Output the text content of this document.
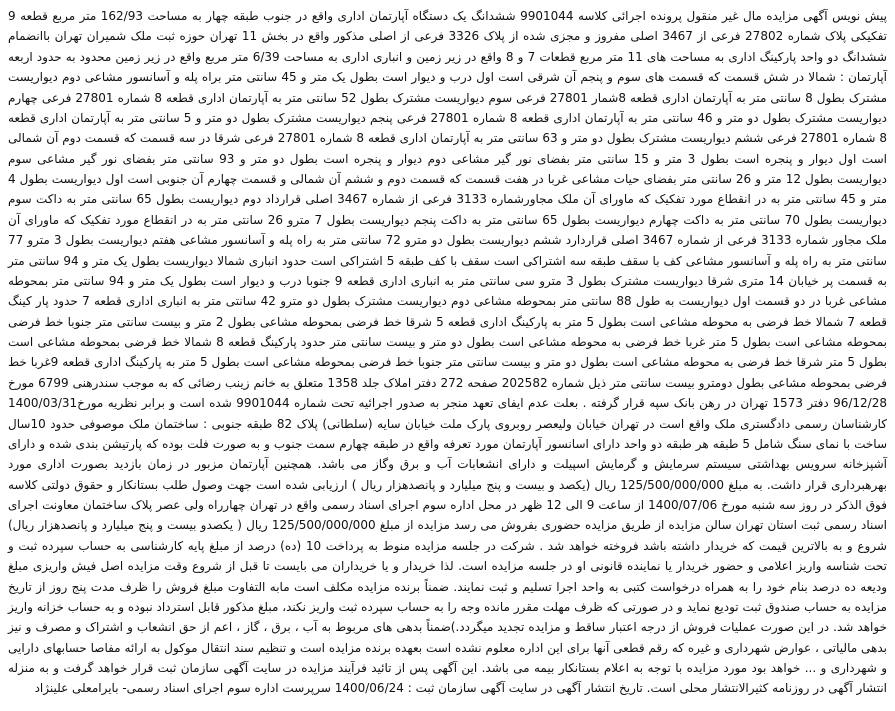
پیش نویس آگهی مزایده مال غیر منقول پرونده اجرائی کلاسه 9901044 ششدانگ یک دستگاه آپارتمان اداری واقع در جنوب طبقه چهار به مساحت 162/93 متر مربع قطعه 9 تفکیکی پلاک شماره 27802 فرعی از 3467 اصلی مفروز و مجزی شده از پلاک 3326 فرعی از اصلی مذکور واقع در بخش 11 تهران حوزه ثبت ملک شمیران تهران باانضمام ششدانگ دو واحد پارکینگ اداری به مساحت های 11 متر مربع قطعات 7 و 8 واقع در زیر زمین و انباری اداری به مساحت 6/39 متر مربع واقع در زیر زمین محدود به حدود اربعه آپارتمان : شمالا در شش قسمت که قسمت های سوم و پنجم آن شرقی است اول درب و دیوار است بطول یک متر و 45 سانتی متر براه پله و آسانسور مشاعی دوم دیواریست مشترک بطول 8 سانتی متر به آپارتمان اداری قطعه 8شمار 27801 فرعی سوم دیواریست مشترک بطول 52 سانتی متر به آپارتمان اداری قطعه 8 شماره 27801 فرعی چهارم دیواریست مشترک بطول دو متر و 46 سانتی متر به آپارتمان اداری قطعه 8 شماره 27801 فرعی پنجم دیواریست مشترک بطول دو متر و 5 سانتی متر به آپارتمان اداری قطعه 8 شماره 27801 فرعی ششم دیواریست مشترک بطول دو متر و 63 سانتی متر به آپارتمان اداری قطعه 8 شماره 27801 فرعی شرقا در سه قسمت که قسمت دوم آن شمالی است اول دیوار و پنجره است بطول 3 متر و 15 سانتی متر بفضای نور گیر مشاعی دوم دیوار و پنجره است بطول دو متر و 93 سانتی متر بفضای نور گیر مشاعی سوم دیواریست بطول 12 متر و 26 سانتی متر بفضای حیات مشاعی غربا در هفت قسمت که قسمت دوم و ششم آن شمالی و قسمت چهارم آن جنوبی است اول دیواریست بطول 4 متر و 45 سانتی متر به در انقطاع مورد تفکیک که ماورای آن ملک مجاورشماره 3133 فرعی از شماره 3467 اصلی قرارداد دوم دیواریست بطول 65 سانتی متر به داکت سوم دیواریست بطول 70 سانتی متر به داکت چهارم دیواریست بطول 65 سانتی متر به داکت پنجم دیواریست بطول 7 مترو 26 سانتی متر به در انقطاع مورد تفکیک که ماورای آن ملک مجاور شماره 3133 فرعی از شماره 3467 اصلی قراردارد ششم دیواریست بطول دو مترو 72 سانتی متر به راه پله و آسانسور مشاعی هفتم دیواریست بطول 3 مترو 77 سانتی متر به راه پله و آسانسور مشاعی کف با سقف طبقه سه اشتراکی است سقف با کف طبقه 5 اشتراکی است حدود انباری شمالا دیواریست بطول یک متر و 94 سانتی متر به قسمت پر خیابان 14 متری شرقا دیواریست مشترک بطول 3 مترو سی سانتی متر به انباری اداری قطعه 9 جنوبا درب و دیوار است بطول یک متر و 94 سانتی متر بمحوطه مشاعی غربا در دو قسمت اول دیواریست به طول 88 سانتی متر بمحوطه مشاعی دوم دیواریست مشترک بطول دو مترو 42 سانتی متر به انباری اداری قطعه 7 حدود پار کینگ قطعه 7 شمالا خط فرضی به محوطه مشاعی است بطول 5 متر به پارکینگ اداری قطعه 5 شرقا خط فرضی بمحوطه مشاعی بطول 2 متر و بیست سانتی متر جنوبا خط فرضی بمحوطه مشاعی است بطول 5 متر غربا خط فرضی به محوطه مشاعی است بطول دو متر و بیست سانتی متر حدود پارکینگ قطعه 8 شمالا خط فرضی بمحوطه مشاعی است بطول 5 متر شرقا خط فرضی به محوطه مشاعی است بطول دو متر و بیست سانتی متر جنوبا خط فرضی بمحوطه مشاعی است بطول 5 متر به پارکینگ اداری قطعه 9غربا خط فرضی بمحوطه مشاعی بطول دومترو بیست سانتی متر ذیل شماره 202582 صفحه 272 دفتر املاک جلد 1358 متعلق به خانم زینب رضائی که به موجب سندرهنی 6799 مورخ 96/12/28 دفتر 1573 تهران در رهن بانک سپه قرار گرفته . بعلت عدم ایفای تعهد منجر به صدور اجرائیه تحت شماره 9901044 شده است و برابر نظریه مورخ1400/03/31 کارشناسان رسمی دادگستری ملک واقع است در تهران خیابان ولیعصر روبروی پارک ملت خیابان سایه (سلطانی) پلاک 82 طبقه جنوبی : ساختمان ملک موصوفی حدود 10سال ساخت با نمای سنگ شامل 5 طبقه هر طبقه دو واحد دارای اسانسور آپارتمان مورد تعرفه واقع در طبقه چهارم سمت جنوب و به صورت فلت بوده که پارتیشن بندی شده و دارای آشپزخانه سرویس بهداشتی سیستم سرمایش و گرمایش اسپیلت و دارای انشعابات آب و برق وگاز می باشد. همچنین آپارتمان مزبور در زمان بازدید بصورت اداری مورد بهرهبرداری قرار داشت. به مبلغ 125/500/000/000 ریال (یکصد و بیست و پنج میلیارد و پانصدهزار ریال ) ارزیابی شده است جهت وصول طلب بستانکار و حقوق دولتی کلاسه فوق الذکر در روز سه شنبه مورخ 1400/07/06 از ساعت 9 الی 12 ظهر در محل اداره سوم اجرای اسناد رسمی واقع در تهران چهارراه ولی عصر پلاک ساختمان معاونت اجرای اسناد رسمی ثبت استان تهران سالن مزایده از طریق مزایده حضوری بفروش می رسد مزایده از مبلغ 125/500/000/000 ریال ( یکصدو بیست و پنج میلیارد و پانصدهزار ریال) شروع و به بالاترین قیمت که خریدار داشته باشد فروخته خواهد شد . شرکت در جلسه مزایده منوط به پرداخت 10 (ده) درصد از مبلغ پایه کارشناسی به حساب سپرده ثبت و تحت شناسه واریز اعلامی و حضور خریدار یا نماینده قانونی او در جلسه مزایده است. لذا خریدار و یا خریداران می بایست تا قبل از شروع وقت مزایده اصل فیش واریزی مبلغ ودیعه ده درصد بنام خود را به همراه درخواست کتبی به واحد اجرا تسلیم و ثبت نمایند. ضمناً برنده مزایده مکلف است مابه التفاوت مبلغ فروش را ظرف مدت پنج روز از تاریخ مزایده به حساب صندوق ثبت تودیع نماید و در صورتی که ظرف مهلت مقرر مانده وجه را به حساب سپرده ثبت واریز نکند، مبلغ مذکور قابل استرداد نبوده و به حساب خزانه واریز خواهد شد. در این صورت عملیات فروش از درجه اعتبار ساقط و مزایده تجدید میگردد.)ضمناً بدهی های مربوط به آب ، برق ، گاز ، اعم از حق انشعاب و اشتراک و مصرف و نیز بدهی مالیاتی ، عوارض شهرداری و غیره که رقم قطعی آنها برای این اداره معلوم نشده است بعهده برنده مزایده است و تنظیم سند انتقال موکول به ارائه مفاصا حسابهای دارایی و شهرداری و ... خواهد بود مورد مزایده با توجه به اعلام بستانکار بیمه می باشد. این آگهی پس از تائید فرآیند مزایده در سایت آگهی سازمان ثبت قرار خواهد گرفت و به منزله انتشار آگهی در روزنامه کثیرالانتشار محلی است. تاریخ انتشار آگهی در سایت آگهی سازمان ثبت : 1400/06/24 سرپرست اداره سوم اجرای اسناد رسمی- بایرامعلی علینژاد
